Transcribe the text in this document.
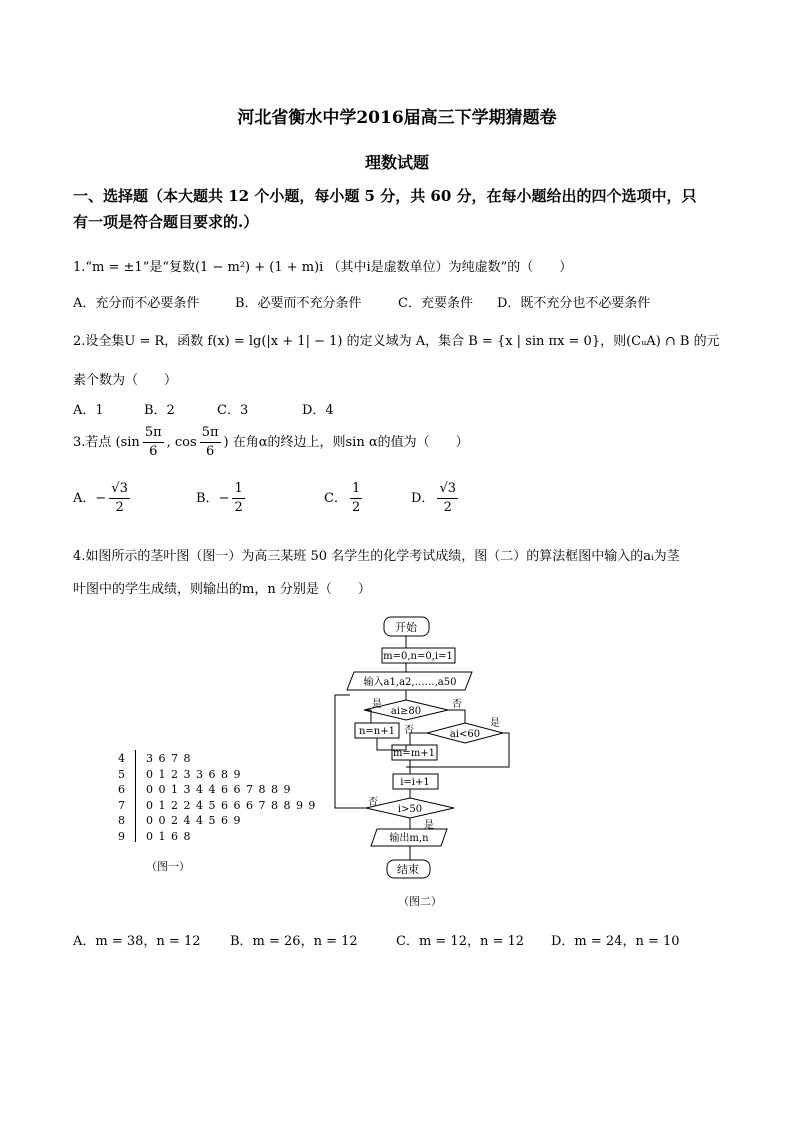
河北省衡水中学2016届高三下学期猜题卷
理数试题
一、选择题（本大题共 12 个小题，每小题 5 分，共 60 分，在每小题给出的四个选项中，只
有一项是符合题目要求的.）
1.“m = ±1”是“复数(1 − m²) + (1 + m)i （其中i是虚数单位）为纯虚数”的（　　）
A．充分而不必要条件	B．必要而不充分条件	C．充要条件 D．既不充分也不必要条件
2.设全集U = R，函数 f(x) = lg(|x + 1| − 1) 的定义域为 A，集合 B = {x | sin πx = 0}，则(CᵤA) ∩ B 的元
素个数为（　　）
A．1	B．2	C．3	D．4
3.若点 ($\sin \frac{5\pi}{6}$ , $\cos \frac{5\pi}{6}$ ) 在角α的终边上，则sin α的值为（　　）
A．− $\frac{√3}{2}$	B．− $\frac{1}{2}$	C． $\frac{1}{2}$	D． $\frac{√3}{2}$
4.如图所示的茎叶图（图一）为高三某班 50 名学生的化学考试成绩，图（二）的算法框图中输入的aᵢ为茎
叶图中的学生成绩，则输出的m，n 分别是（　　）
4 3 6 7 8
5 0 1 2 3 3 6 8 9
6 0 0 1 3 4 4 6 6 7 8 8 9
7 0 1 2 2 4 5 6 6 6 7 8 8 9 9
8 0 0 2 4 4 5 6 9
9 0 1 6 8
（图一）
开始
m=0,n=0,i=1
输入a1,a2,……,a50
ai≥80
n=n+1	ai<60
m=m+1
i=i+1
i>50
输出m,n
结束
是	否
是
否
否
是
（图二）
A．m = 38，n = 12 B．m = 26，n = 12	C．m = 12，n = 12 D．m = 24，n = 10
